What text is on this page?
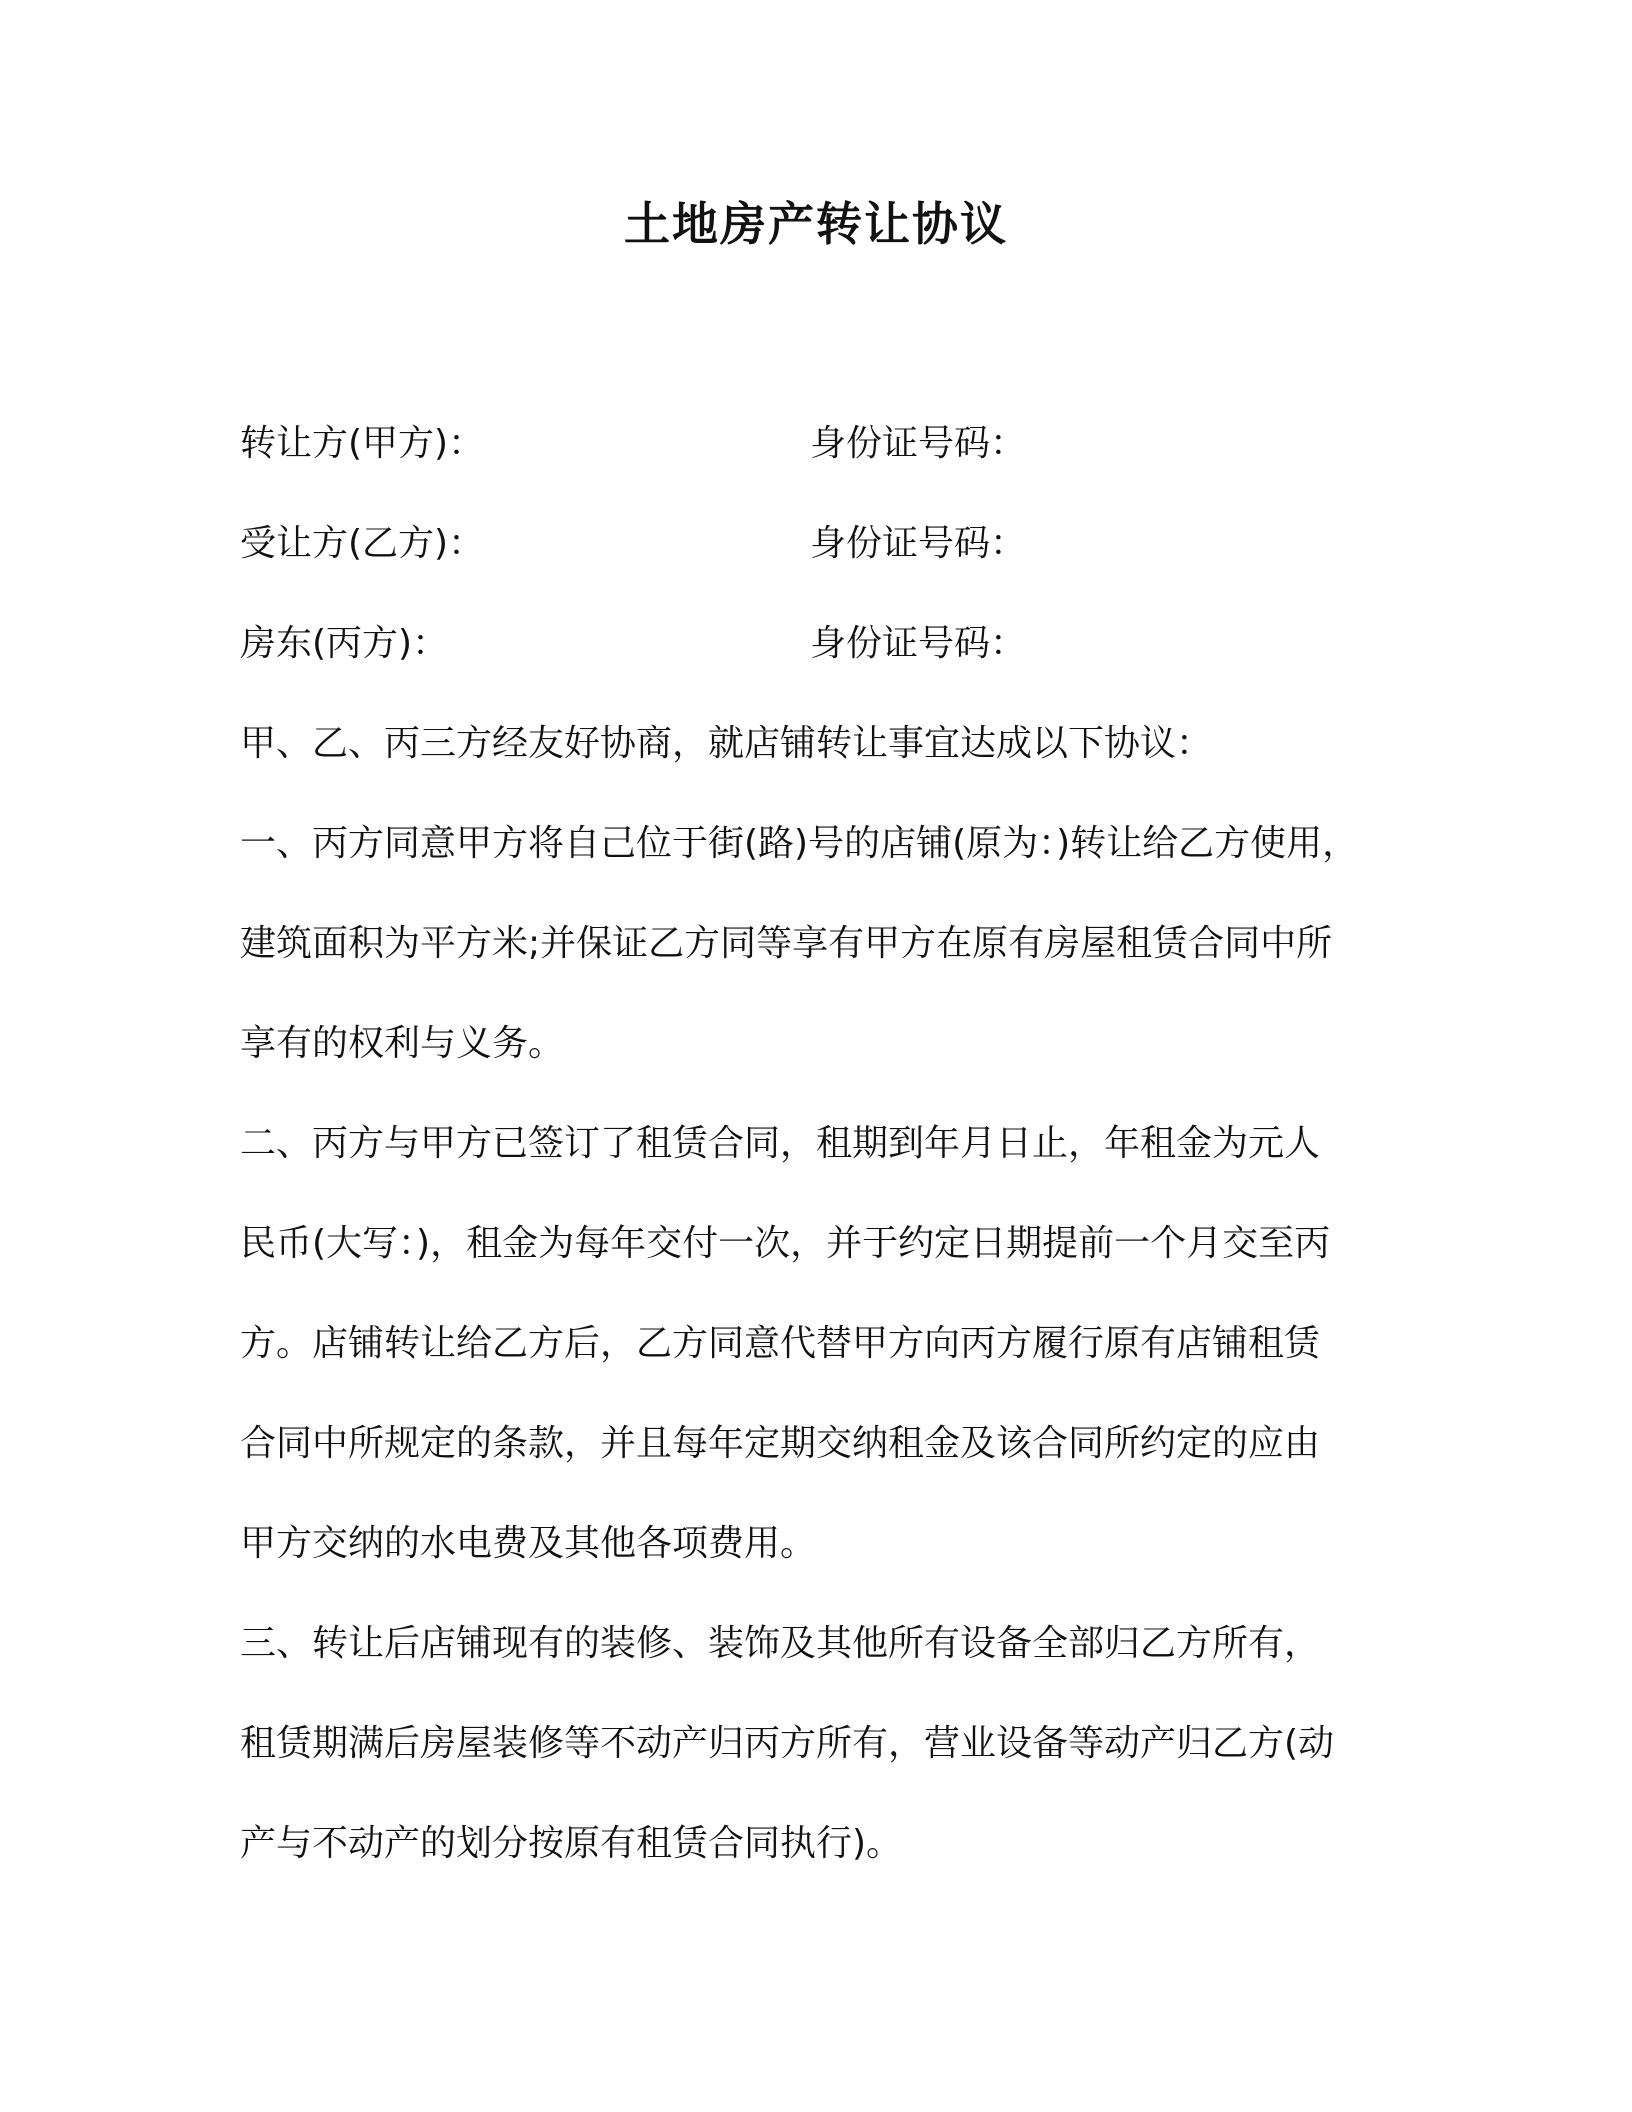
土地房产转让协议
转让方(甲方)：	身份证号码：
受让方(乙方)：	身份证号码：
房东(丙方)：	身份证号码：
甲、乙、丙三方经友好协商，就店铺转让事宜达成以下协议：
一、丙方同意甲方将自己位于街(路)号的店铺(原为：)转让给乙方使用，
建筑面积为平方米;并保证乙方同等享有甲方在原有房屋租赁合同中所
享有的权利与义务。
二、丙方与甲方已签订了租赁合同，租期到年月日止，年租金为元人
民币(大写：)，租金为每年交付一次，并于约定日期提前一个月交至丙
方。店铺转让给乙方后，乙方同意代替甲方向丙方履行原有店铺租赁
合同中所规定的条款，并且每年定期交纳租金及该合同所约定的应由
甲方交纳的水电费及其他各项费用。
三、转让后店铺现有的装修、装饰及其他所有设备全部归乙方所有，
租赁期满后房屋装修等不动产归丙方所有，营业设备等动产归乙方(动
产与不动产的划分按原有租赁合同执行)。
